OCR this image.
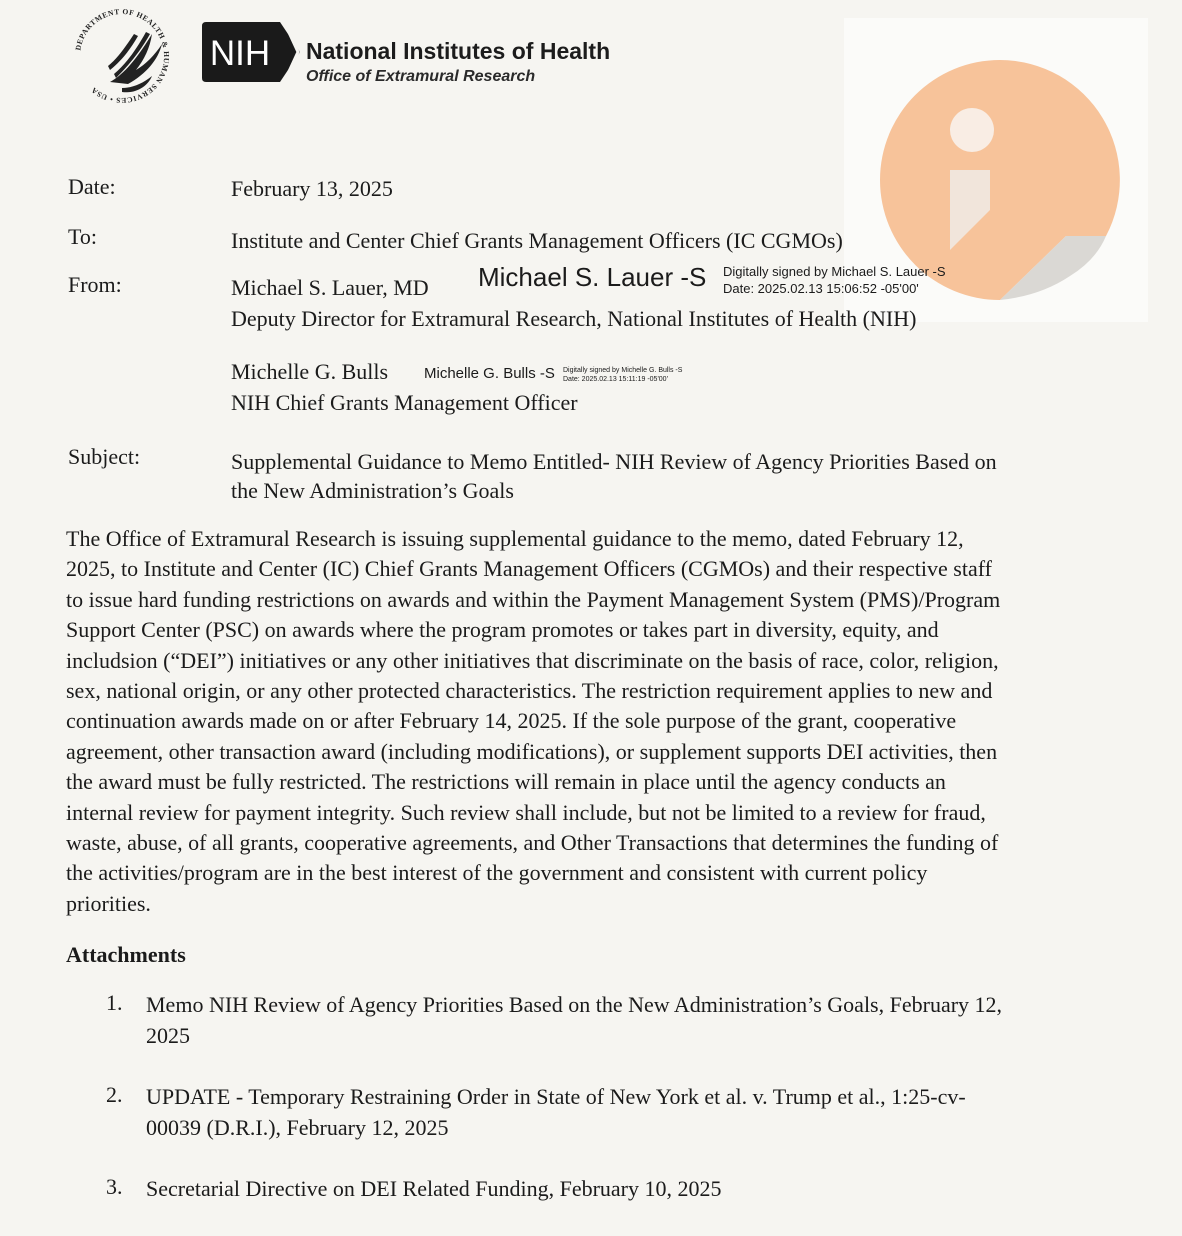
DEPARTMENT OF HEALTH & HUMAN SERVICES • USA
NIH National Institutes of Health
Office of Extramural Research
Date:	February 13, 2025
To:	Institute and Center Chief Grants Management Officers (IC CGMOs)
From:	Michael S. Lauer, MD Michael S. Lauer -S Digitally signed by Michael S. Lauer -S
Date: 2025.02.13 15:06:52 -05'00'
Deputy Director for Extramural Research, National Institutes of Health (NIH)
Michelle G. Bulls Michelle G. Bulls -S Digitally signed by Michelle G. Bulls -S
Date: 2025.02.13 15:11:19 -05'00'
NIH Chief Grants Management Officer
Subject:	Supplemental Guidance to Memo Entitled- NIH Review of Agency Priorities Based on
the New Administration’s Goals
The Office of Extramural Research is issuing supplemental guidance to the memo, dated February 12,
2025, to Institute and Center (IC) Chief Grants Management Officers (CGMOs) and their respective staff
to issue hard funding restrictions on awards and within the Payment Management System (PMS)/Program
Support Center (PSC) on awards where the program promotes or takes part in diversity, equity, and
includsion (“DEI”) initiatives or any other initiatives that discriminate on the basis of race, color, religion,
sex, national origin, or any other protected characteristics. The restriction requirement applies to new and
continuation awards made on or after February 14, 2025. If the sole purpose of the grant, cooperative
agreement, other transaction award (including modifications), or supplement supports DEI activities, then
the award must be fully restricted. The restrictions will remain in place until the agency conducts an
internal review for payment integrity. Such review shall include, but not be limited to a review for fraud,
waste, abuse, of all grants, cooperative agreements, and Other Transactions that determines the funding of
the activities/program are in the best interest of the government and consistent with current policy
priorities.
Attachments
1. Memo NIH Review of Agency Priorities Based on the New Administration’s Goals, February 12,
2025
2. UPDATE - Temporary Restraining Order in State of New York et al. v. Trump et al., 1:25-cv-
00039 (D.R.I.), February 12, 2025
3. Secretarial Directive on DEI Related Funding, February 10, 2025
